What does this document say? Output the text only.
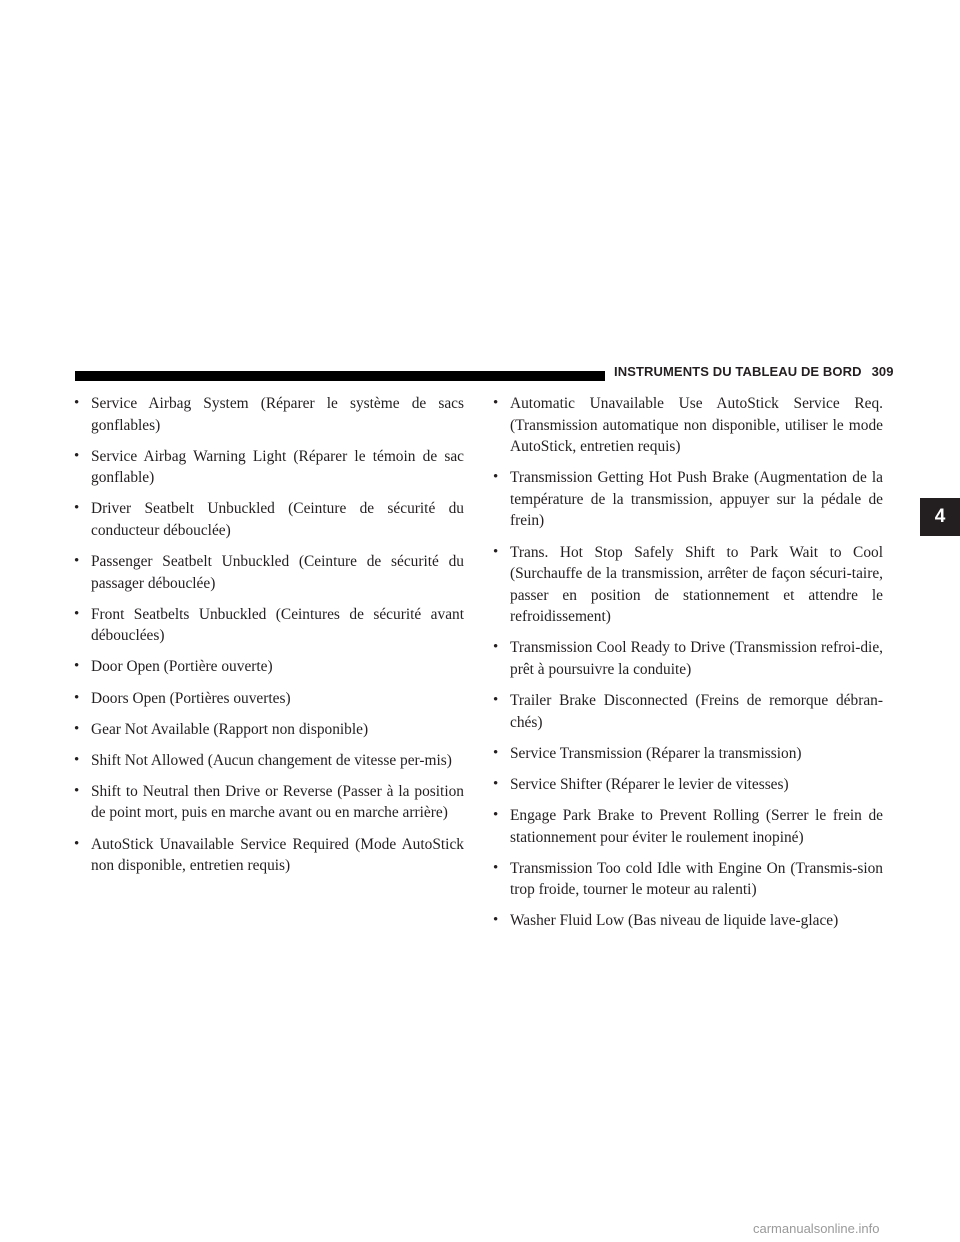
INSTRUMENTS DU TABLEAU DE BORD 309
4
• Service Airbag System (Réparer le système de sacs gonflables)
• Service Airbag Warning Light (Réparer le témoin de sac gonflable)
• Driver Seatbelt Unbuckled (Ceinture de sécurité du conducteur débouclée)
• Passenger Seatbelt Unbuckled (Ceinture de sécurité du passager débouclée)
• Front Seatbelts Unbuckled (Ceintures de sécurité avant débouclées)
• Door Open (Portière ouverte)
• Doors Open (Portières ouvertes)
• Gear Not Available (Rapport non disponible)
• Shift Not Allowed (Aucun changement de vitesse per-mis)
• Shift to Neutral then Drive or Reverse (Passer à la position de point mort, puis en marche avant ou en marche arrière)
• AutoStick Unavailable Service Required (Mode AutoStick non disponible, entretien requis)
• Automatic Unavailable Use AutoStick Service Req. (Transmission automatique non disponible, utiliser le mode AutoStick, entretien requis)
• Transmission Getting Hot Push Brake (Augmentation de la température de la transmission, appuyer sur la pédale de frein)
• Trans. Hot Stop Safely Shift to Park Wait to Cool (Surchauffe de la transmission, arrêter de façon sécuri-taire, passer en position de stationnement et attendre le refroidissement)
• Transmission Cool Ready to Drive (Transmission refroi-die, prêt à poursuivre la conduite)
• Trailer Brake Disconnected (Freins de remorque débran-chés)
• Service Transmission (Réparer la transmission)
• Service Shifter (Réparer le levier de vitesses)
• Engage Park Brake to Prevent Rolling (Serrer le frein de stationnement pour éviter le roulement inopiné)
• Transmission Too cold Idle with Engine On (Transmis-sion trop froide, tourner le moteur au ralenti)
• Washer Fluid Low (Bas niveau de liquide lave-glace)
carmanualsonline.info
